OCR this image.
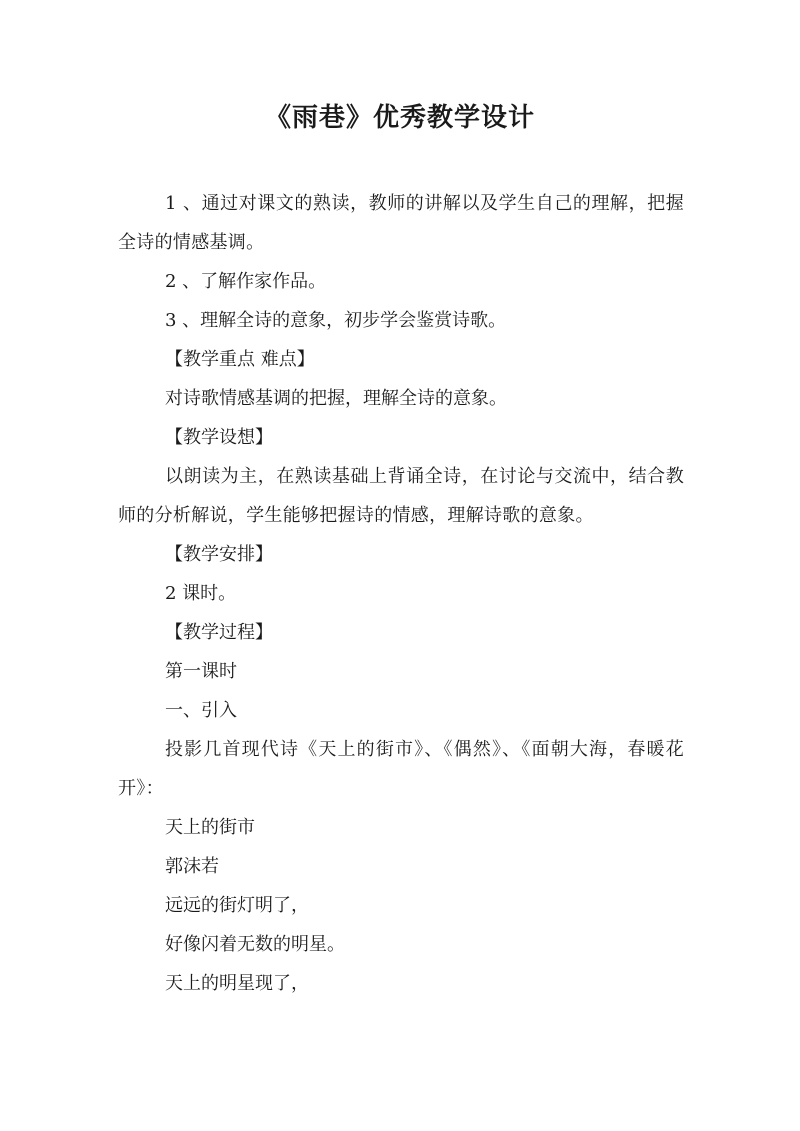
《雨巷》优秀教学设计

1 、通过对课文的熟读，教师的讲解以及学生自己的理解，把握全诗的情感基调。

2 、了解作家作品。

3 、理解全诗的意象，初步学会鉴赏诗歌。

【教学重点 难点】

对诗歌情感基调的把握，理解全诗的意象。

【教学设想】

以朗读为主，在熟读基础上背诵全诗，在讨论与交流中，结合教师的分析解说，学生能够把握诗的情感，理解诗歌的意象。

【教学安排】

2 课时。

【教学过程】

第一课时

一、引入

投影几首现代诗《天上的街市》、《偶然》、《面朝大海，春暖花开》：

天上的街市

郭沫若

远远的街灯明了，

好像闪着无数的明星。

天上的明星现了，
